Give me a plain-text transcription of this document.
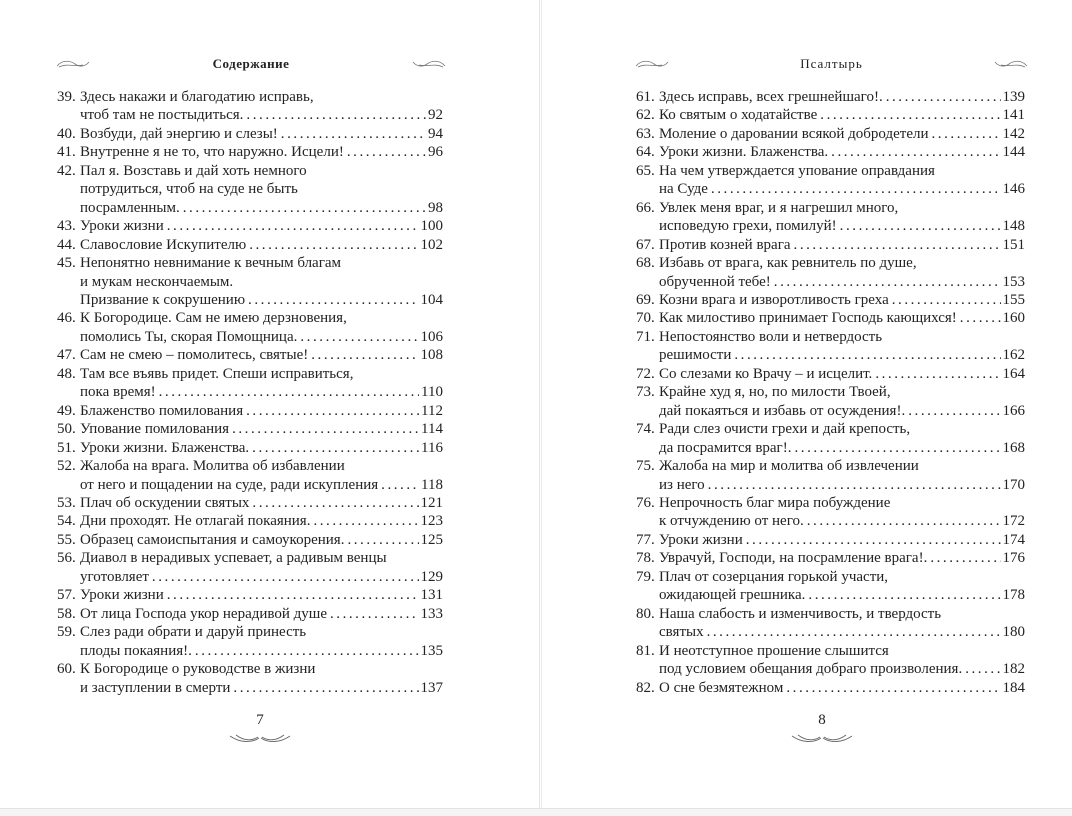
Содержание
39. Здесь накажи и благодатию исправь,
чтоб там не постыдиться. . . .	92
40. Возбуди, дай энергию и слезы! . . .	94
41. Внутренне я не то, что наружно. Исцели! . . .	96
42. Пал я. Возставь и дай хоть немного
потрудиться, чтоб на суде не быть
посрамленным. . . .	98
43. Уроки жизни . . .	100
44. Славословие Искупителю . . .	102
45. Непонятно невнимание к вечным благам
и мукам нескончаемым.
Призвание к сокрушению . . .	104
46. К Богородице. Сам не имею дерзновения,
помолись Ты, скорая Помощница. . . .	106
47. Сам не смею – помолитесь, святые! . . .	108
48. Там все въявь придет. Спеши исправиться,
пока время! . . .	110
49. Блаженство помилования . . .	112
50. Упование помилования . . .	114
51. Уроки жизни. Блаженства. . . .	116
52. Жалоба на врага. Молитва об избавлении
от него и пощадении на суде, ради искупления . . .	118
53. Плач об оскудении святых . . .	121
54. Дни проходят. Не отлагай покаяния. . . .	123
55. Образец самоиспытания и самоукорения. . . .	125
56. Диавол в нерадивых успевает, а радивым венцы
уготовляет . . .	129
57. Уроки жизни . . .	131
58. От лица Господа укор нерадивой душе . . .	133
59. Слез ради обрати и даруй принесть
плоды покаяния!. . . .	135
60. К Богородице о руководстве в жизни
и заступлении в смерти . . .	137
7
Псалтырь
61. Здесь исправь, всех грешнейшаго!. . . .	139
62. Ко святым о ходатайстве . . .	141
63. Моление о даровании всякой добродетели . . .	142
64. Уроки жизни. Блаженства. . . .	144
65. На чем утверждается упование оправдания
на Суде . . .	146
66. Увлек меня враг, и я нагрешил много,
исповедую грехи, помилуй! . . .	148
67. Против козней врага . . .	151
68. Избавь от врага, как ревнитель по душе,
обрученной тебе! . . .	153
69. Козни врага и изворотливость греха . . .	155
70. Как милостиво принимает Господь кающихся! . . .	160
71. Непостоянство воли и нетвердость
решимости . . .	162
72. Со слезами ко Врачу – и исцелит. . . .	164
73. Крайне худ я, но, по милости Твоей,
дай покаяться и избавь от осуждения!. . . .	166
74. Ради слез очисти грехи и дай крепость,
да посрамится враг!. . . .	168
75. Жалоба на мир и молитва об извлечении
из него . . .	170
76. Непрочность благ мира побуждение
к отчуждению от него. . . .	172
77. Уроки жизни . . .	174
78. Уврачуй, Господи, на посрамление врага!. . . .	176
79. Плач от созерцания горькой участи,
ожидающей грешника. . . .	178
80. Наша слабость и изменчивость, и твердость
святых . . .	180
81. И неотступное прошение слышится
под условием обещания добраго произволения. . . .	182
82. О сне безмятежном . . .	184
8
